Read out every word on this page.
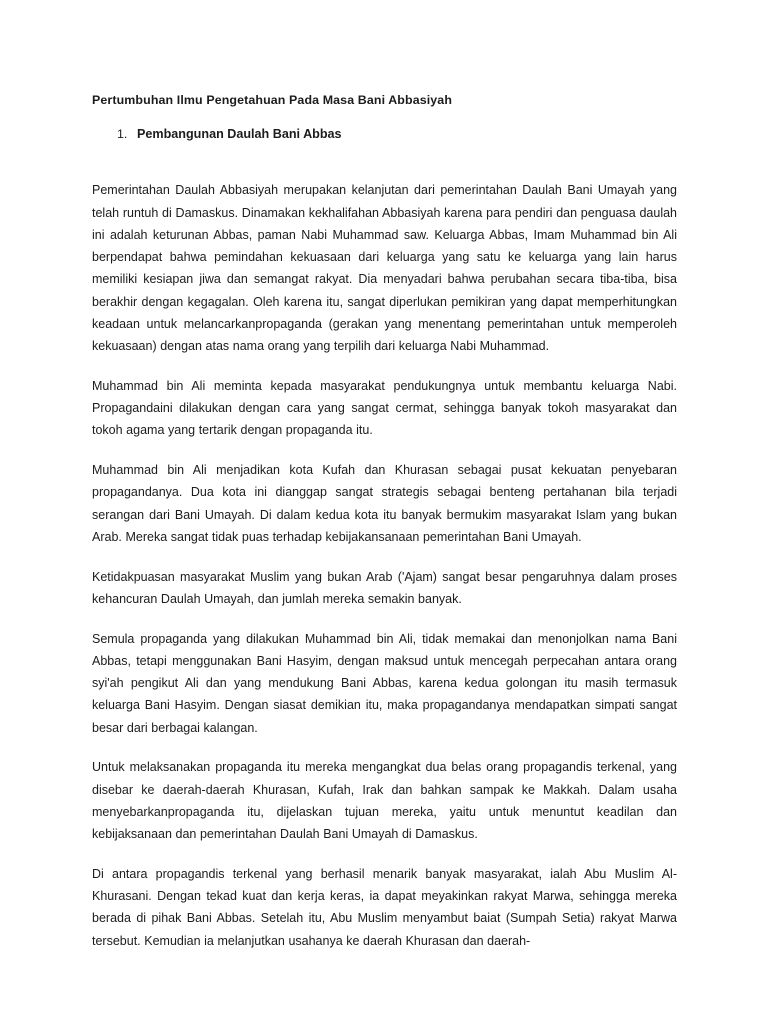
Pertumbuhan Ilmu Pengetahuan Pada Masa Bani Abbasiyah
1. Pembangunan Daulah Bani Abbas

Pemerintahan Daulah Abbasiyah merupakan kelanjutan dari pemerintahan Daulah Bani Umayah yang telah runtuh di Damaskus. Dinamakan kekhalifahan Abbasiyah karena para pendiri dan penguasa daulah ini adalah keturunan Abbas, paman Nabi Muhammad saw. Keluarga Abbas, Imam Muhammad bin Ali berpendapat bahwa pemindahan kekuasaan dari keluarga yang satu ke keluarga yang lain harus memiliki kesiapan jiwa dan semangat rakyat. Dia menyadari bahwa perubahan secara tiba-tiba, bisa berakhir dengan kegagalan. Oleh karena itu, sangat diperlukan pemikiran yang dapat memperhitungkan keadaan untuk melancarkanpropaganda (gerakan yang menentang pemerintahan untuk memperoleh kekuasaan) dengan atas nama orang yang terpilih dari keluarga Nabi Muhammad.

Muhammad bin Ali meminta kepada masyarakat pendukungnya untuk membantu keluarga Nabi. Propagandaini dilakukan dengan cara yang sangat cermat, sehingga banyak tokoh masyarakat dan tokoh agama yang tertarik dengan propaganda itu.

Muhammad bin Ali menjadikan kota Kufah dan Khurasan sebagai pusat kekuatan penyebaran propagandanya. Dua kota ini dianggap sangat strategis sebagai benteng pertahanan bila terjadi serangan dari Bani Umayah. Di dalam kedua kota itu banyak bermukim masyarakat Islam yang bukan Arab. Mereka sangat tidak puas terhadap kebijakansanaan pemerintahan Bani Umayah.

Ketidakpuasan masyarakat Muslim yang bukan Arab ('Ajam) sangat besar pengaruhnya dalam proses kehancuran Daulah Umayah, dan jumlah mereka semakin banyak.

Semula propaganda yang dilakukan Muhammad bin Ali, tidak memakai dan menonjolkan nama Bani Abbas, tetapi menggunakan Bani Hasyim, dengan maksud untuk mencegah perpecahan antara orang syi'ah pengikut Ali dan yang mendukung Bani Abbas, karena kedua golongan itu masih termasuk keluarga Bani Hasyim. Dengan siasat demikian itu, maka propagandanya mendapatkan simpati sangat besar dari berbagai kalangan.

Untuk melaksanakan propaganda itu mereka mengangkat dua belas orang propagandis terkenal, yang disebar ke daerah-daerah Khurasan, Kufah, Irak dan bahkan sampak ke Makkah. Dalam usaha menyebarkanpropaganda itu, dijelaskan tujuan mereka, yaitu untuk menuntut keadilan dan kebijaksanaan dan pemerintahan Daulah Bani Umayah di Damaskus.

Di antara propagandis terkenal yang berhasil menarik banyak masyarakat, ialah Abu Muslim Al-Khurasani. Dengan tekad kuat dan kerja keras, ia dapat meyakinkan rakyat Marwa, sehingga mereka berada di pihak Bani Abbas. Setelah itu, Abu Muslim menyambut baiat (Sumpah Setia) rakyat Marwa tersebut. Kemudian ia melanjutkan usahanya ke daerah Khurasan dan daerah-
